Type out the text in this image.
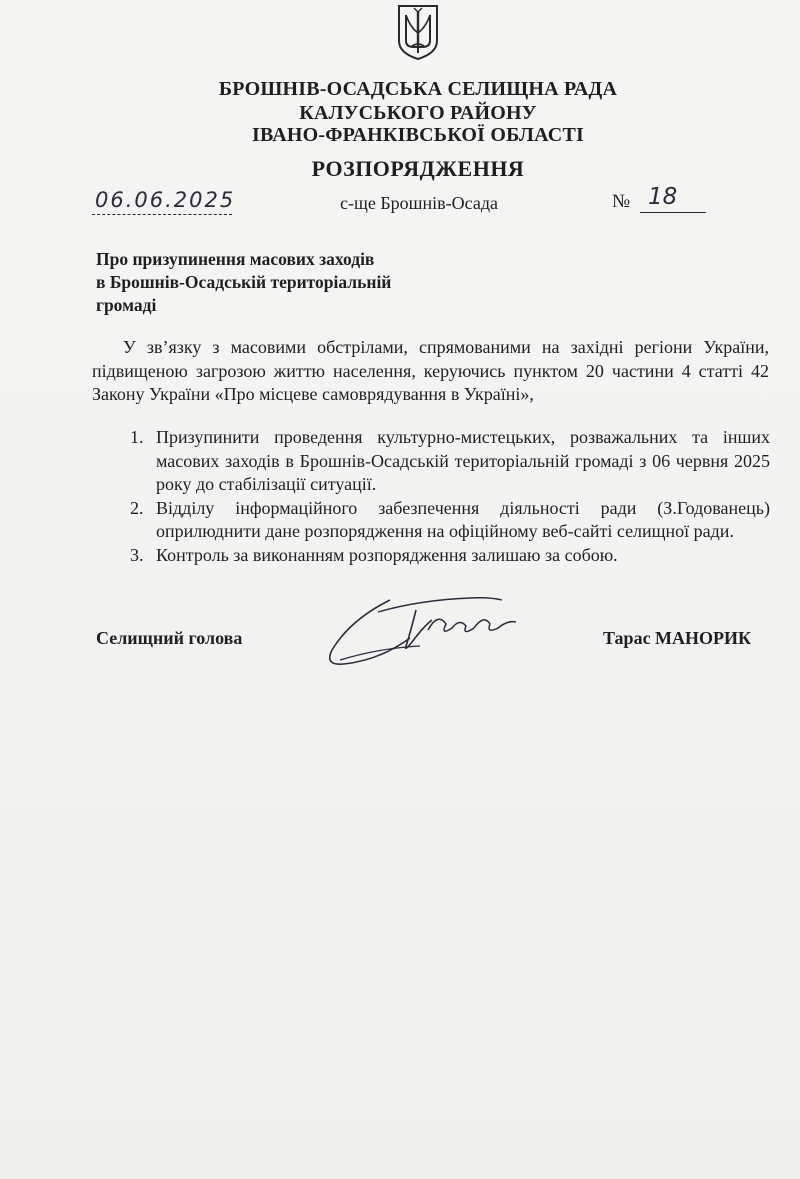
БРОШНІВ-ОСАДСЬКА СЕЛИЩНА РАДА
КАЛУСЬКОГО РАЙОНУ
ІВАНО-ФРАНКІВСЬКОЇ ОБЛАСТІ
РОЗПОРЯДЖЕННЯ
06.06.2025	с-ще Брошнів-Осада	№ 18
Про призупинення масових заходів
в Брошнів-Осадській територіальній
громаді
У зв’язку з масовими обстрілами, спрямованими на західні регіони України, підвищеною загрозою життю населення, керуючись пунктом 20 частини 4 статті 42 Закону України «Про місцеве самоврядування в Україні»,
1. Призупинити проведення культурно-мистецьких, розважальних та інших масових заходів в Брошнів-Осадській територіальній громаді з 06 червня 2025 року до стабілізації ситуації.
2. Відділу інформаційного забезпечення діяльності ради (З.Годованець) оприлюднити дане розпорядження на офіційному веб-сайті селищної ради.
3. Контроль за виконанням розпорядження залишаю за собою.
Селищний голова	Тарас МАНОРИК
